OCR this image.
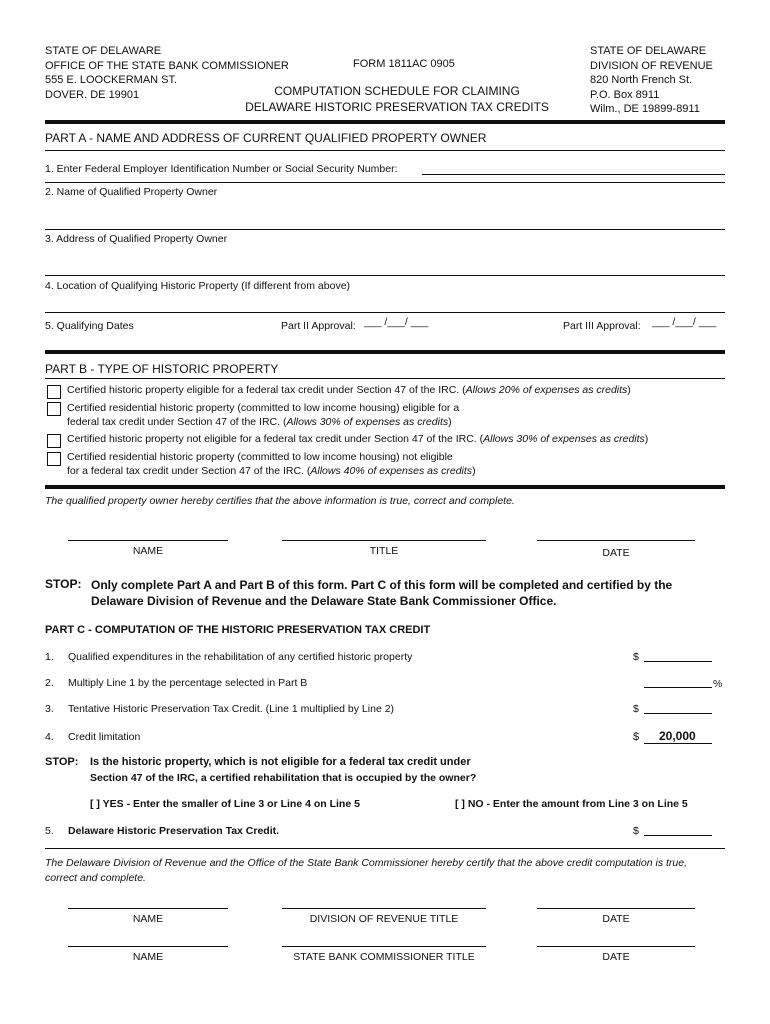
STATE OF DELAWARE
OFFICE OF THE STATE BANK COMMISSIONER
555 E. LOOCKERMAN ST.
DOVER. DE 19901
FORM 1811AC 0905
COMPUTATION SCHEDULE FOR CLAIMING
DELAWARE HISTORIC PRESERVATION TAX CREDITS
STATE OF DELAWARE
DIVISION OF REVENUE
820 North French St.
P.O. Box 8911
Wilm., DE 19899-8911
PART A - NAME AND ADDRESS OF CURRENT QUALIFIED PROPERTY OWNER
1. Enter Federal Employer Identification Number or Social Security Number:
2. Name of Qualified Property Owner
3. Address of Qualified Property Owner
4. Location of Qualifying Historic Property (If different from above)
5. Qualifying Dates	Part II Approval: ___ /___/ ___	Part III Approval: ___ /___/ ___
PART B - TYPE OF HISTORIC PROPERTY
Certified historic property eligible for a federal tax credit under Section 47 of the IRC. (Allows 20% of expenses as credits)
Certified residential historic property (committed to low income housing) eligible for a
federal tax credit under Section 47 of the IRC. (Allows 30% of expenses as credits)
Certified historic property not eligible for a federal tax credit under Section 47 of the IRC. (Allows 30% of expenses as credits)
Certified residential historic property (committed to low income housing) not eligible
for a federal tax credit under Section 47 of the IRC. (Allows 40% of expenses as credits)
The qualified property owner hereby certifies that the above information is true, correct and complete.
NAME	TITLE	DATE
STOP: Only complete Part A and Part B of this form. Part C of this form will be completed and certified by the
Delaware Division of Revenue and the Delaware State Bank Commissioner Office.
PART C - COMPUTATION OF THE HISTORIC PRESERVATION TAX CREDIT
1. Qualified expenditures in the rehabilitation of any certified historic property	$
2. Multiply Line 1 by the percentage selected in Part B	%
3. Tentative Historic Preservation Tax Credit. (Line 1 multiplied by Line 2)	$
4. Credit limitation	$ 20,000
STOP: Is the historic property, which is not eligible for a federal tax credit under
Section 47 of the IRC, a certified rehabilitation that is occupied by the owner?
[ ] YES - Enter the smaller of Line 3 or Line 4 on Line 5	[ ] NO - Enter the amount from Line 3 on Line 5
5. Delaware Historic Preservation Tax Credit.	$
The Delaware Division of Revenue and the Office of the State Bank Commissioner hereby certify that the above credit computation is true,
correct and complete.
NAME	DIVISION OF REVENUE TITLE	DATE
NAME	STATE BANK COMMISSIONER TITLE	DATE
